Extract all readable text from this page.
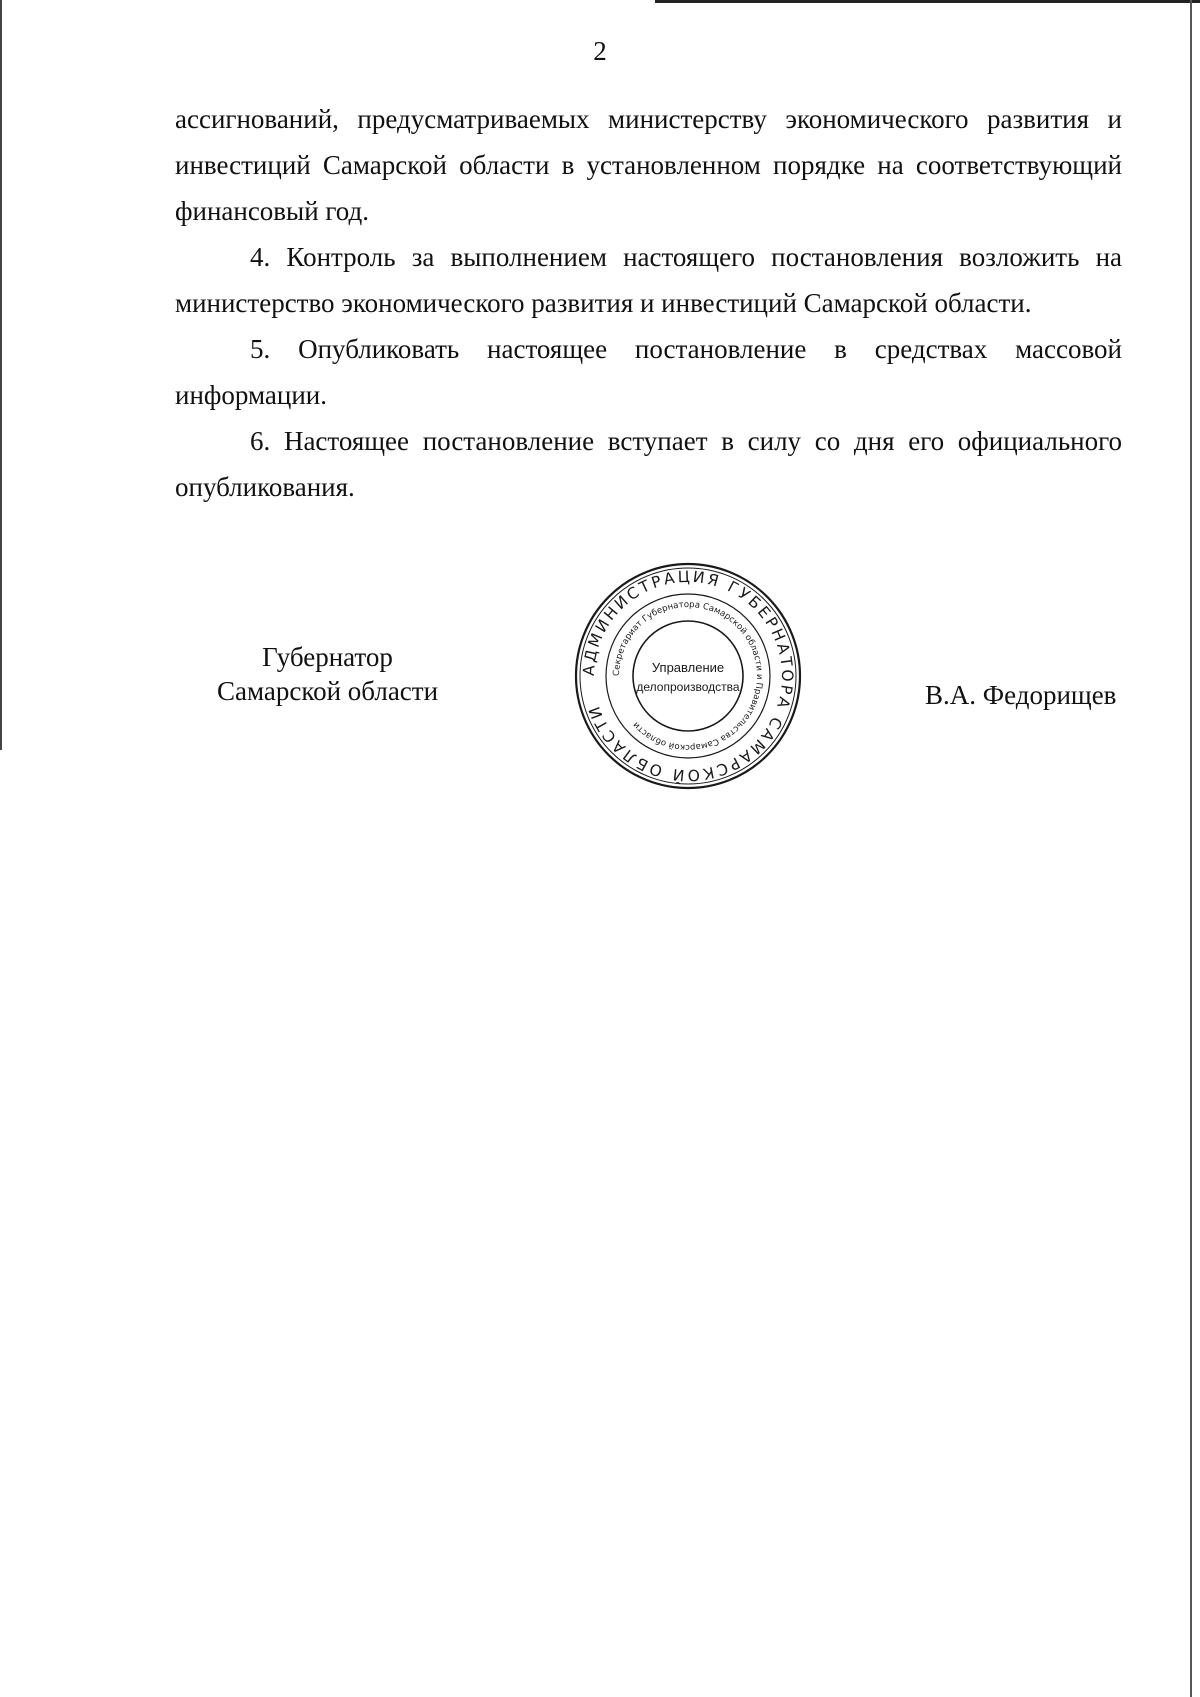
2

ассигнований, предусматриваемых министерству экономического развития и инвестиций Самарской области в установленном порядке на соответствующий финансовый год.

4. Контроль за выполнением настоящего постановления возложить на министерство экономического развития и инвестиций Самарской области.

5. Опубликовать настоящее постановление в средствах массовой информации.

6. Настоящее постановление вступает в силу со дня его официального опубликования.

Губернатор
Самарской области
АДМИНИСТРАЦИЯ ГУБЕРНАТОРА САМАРСКОЙ ОБЛАСТИ
Секретариат Губернатора Самарской области и Правительства Самарской области
Управление
делопроизводства	В.А. Федорищев
